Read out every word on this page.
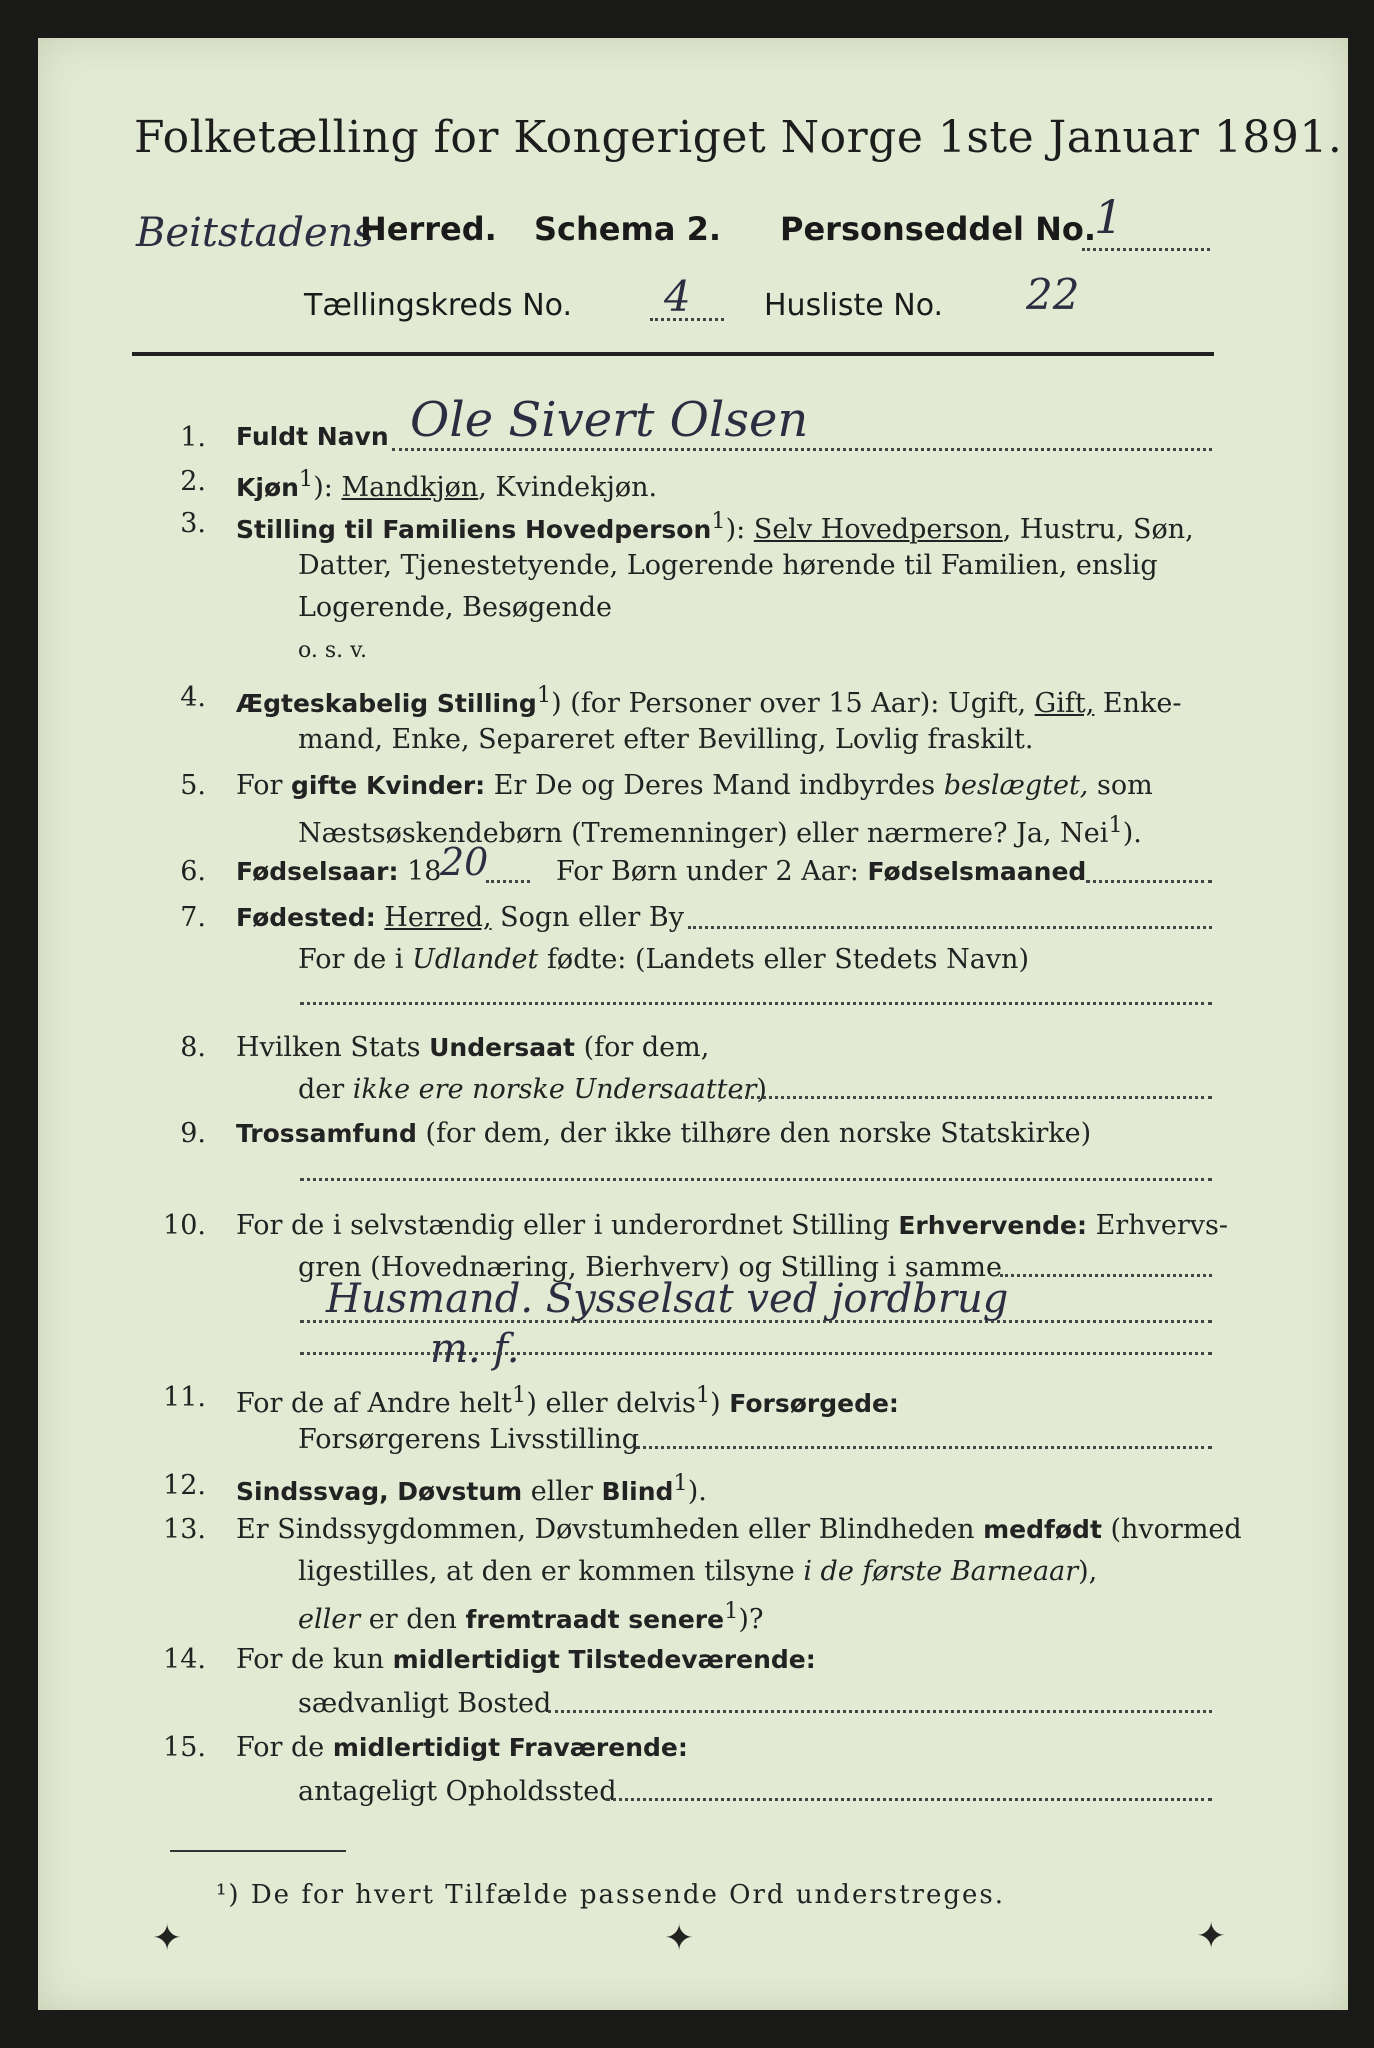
Folketælling for Kongeriget Norge 1ste Januar 1891.
Beitstadens
Herred. Schema 2. Personseddel No.
1
Tællingskreds No. 4 Husliste No. 22
1. Fuldt Navn Ole Sivert Olsen
2. Kjøn$^1$): Mandkjøn, Kvindekjøn.
3. Stilling til Familiens Hovedperson$^1$): Selv Hovedperson, Hustru, Søn,
Datter, Tjenestetyende, Logerende hørende til Familien, enslig
Logerende, Besøgende
o. s. v.
4. Ægteskabelig Stilling$^1$) (for Personer over 15 Aar): Ugift, Gift, Enke-
mand, Enke, Separeret efter Bevilling, Lovlig fraskilt.
5. For gifte Kvinder: Er De og Deres Mand indbyrdes beslægtet, som
Næstsøskendebørn (Tremenninger) eller nærmere? Ja, Nei$^1$).
6. Fødselsaar: 18
20	For Børn under 2 Aar: Fødselsmaaned
7. Fødested: Herred, Sogn eller By
For de i Udlandet fødte: (Landets eller Stedets Navn)
8. Hvilken Stats Undersaat (for dem,
der ikke ere norske Undersaatter)
9. Trossamfund (for dem, der ikke tilhøre den norske Statskirke)
10. For de i selvstændig eller i underordnet Stilling Erhvervende: Erhvervs-
gren (Hovednæring, Bierhverv) og Stilling i samme
Husmand. Sysselsat ved jordbrug
m. f.
11. For de af Andre helt$^1$) eller delvis$^1$) Forsørgede:
Forsørgerens Livsstilling
12. Sindssvag, Døvstum eller Blind$^1$).
13. Er Sindssygdommen, Døvstumheden eller Blindheden medfødt (hvormed
ligestilles, at den er kommen tilsyne i de første Barneaar),
eller er den fremtraadt senere$^1$)?
14. For de kun midlertidigt Tilstedeværende:
sædvanligt Bosted
15. For de midlertidigt Fraværende:
antageligt Opholdssted
¹) De for hvert Tilfælde passende Ord understreges.
✦	✦	✦
